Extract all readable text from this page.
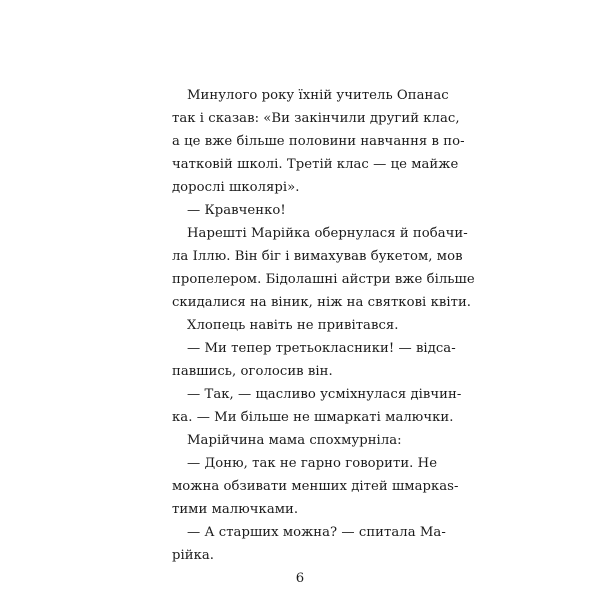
Минулого року їхній учитель Опанас
так і сказав: «Ви закінчили другий клас,
а це вже більше половини навчання в по-
чатковій школі. Третій клас — це майже
дорослі школярі».
— Кравченко!
Нарешті Марійка обернулася й побачи-
ла Іллю. Він біг і вимахував букетом, мов
пропелером. Бідолашні айстри вже більше
скидалися на віник, ніж на святкові квіти.
Хлопець навіть не привітався.
— Ми тепер третьокласники! — відса-
павшись, оголосив він.
— Так, — щасливо усміхнулася дівчин-
ка. — Ми більше не шмаркаті малючки.
Марійчина мама спохмурніла:
— Доню, так не гарно говорити. Не
можна обзивати менших дітей шмаркаs-
тими малючками.
— А старших можна? — спитала Ма-
рійка.
6
